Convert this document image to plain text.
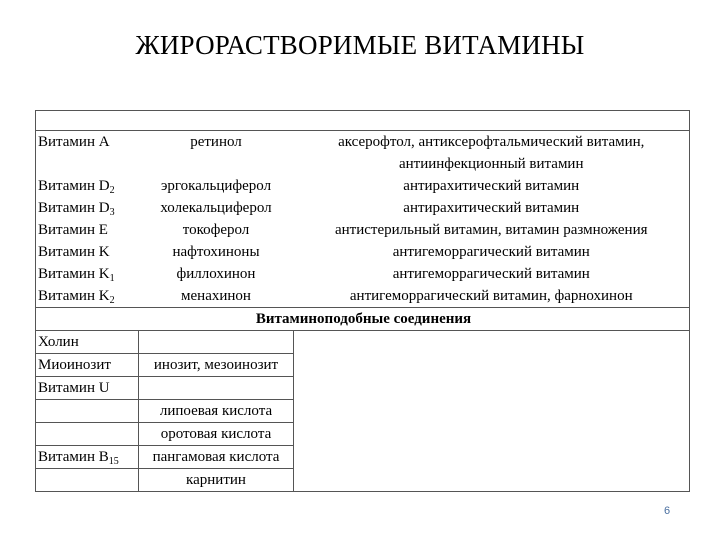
ЖИРОРАСТВОРИМЫЕ ВИТАМИНЫ

Витамин A	ретинол	аксерофтол, антиксерофтальмический витамин, антиинфекционный витамин
Витамин $D_2$	эргокальциферол	антирахитический витамин
Витамин $D_3$	холекальциферол	антирахитический витамин
Витамин E	токоферол	антистерильный витамин, витамин размножения
Витамин K	нафтохиноны	антигеморрагический витамин
Витамин $K_1$	филлохинон	антигеморрагический витамин
Витамин $K_2$	менахинон	антигеморрагический витамин, фарнохинон
Витаминоподобные соединения		
Холин		
Миоинозит	инозит, мезоинозит	
Витамин U		
	липоевая кислота	
	оротовая кислота	
Витамин $B_{15}$	пангамовая кислота	
	карнитин	
6
